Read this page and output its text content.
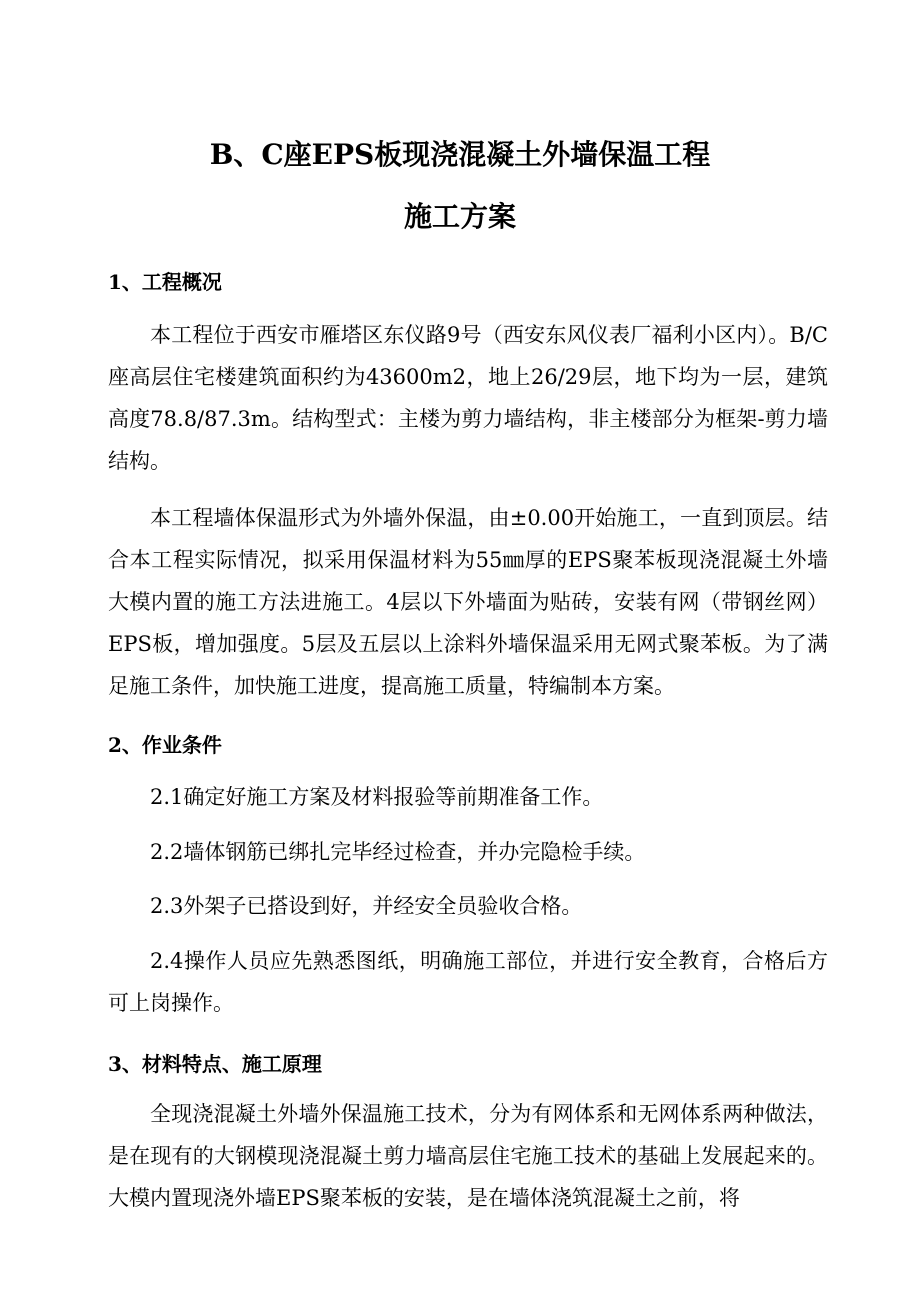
B、C座EPS板现浇混凝土外墙保温工程
施工方案
1、工程概况
本工程位于西安市雁塔区东仪路9号（西安东风仪表厂福利小区内）。B/C座高层住宅楼建筑面积约为43600m2，地上26/29层，地下均为一层，建筑高度78.8/87.3m。结构型式：主楼为剪力墙结构，非主楼部分为框架-剪力墙结构。
本工程墙体保温形式为外墙外保温，由±0.00开始施工，一直到顶层。结合本工程实际情况，拟采用保温材料为55㎜厚的EPS聚苯板现浇混凝土外墙大模内置的施工方法进施工。4层以下外墙面为贴砖，安装有网（带钢丝网）EPS板，增加强度。5层及五层以上涂料外墙保温采用无网式聚苯板。为了满足施工条件，加快施工进度，提高施工质量，特编制本方案。
2、作业条件
2.1确定好施工方案及材料报验等前期准备工作。
2.2墙体钢筋已绑扎完毕经过检查，并办完隐检手续。
2.3外架子已搭设到好，并经安全员验收合格。
2.4操作人员应先熟悉图纸，明确施工部位，并进行安全教育，合格后方可上岗操作。
3、材料特点、施工原理
全现浇混凝土外墙外保温施工技术，分为有网体系和无网体系两种做法，是在现有的大钢模现浇混凝土剪力墙高层住宅施工技术的基础上发展起来的。大模内置现浇外墙EPS聚苯板的安装，是在墙体浇筑混凝土之前，将
